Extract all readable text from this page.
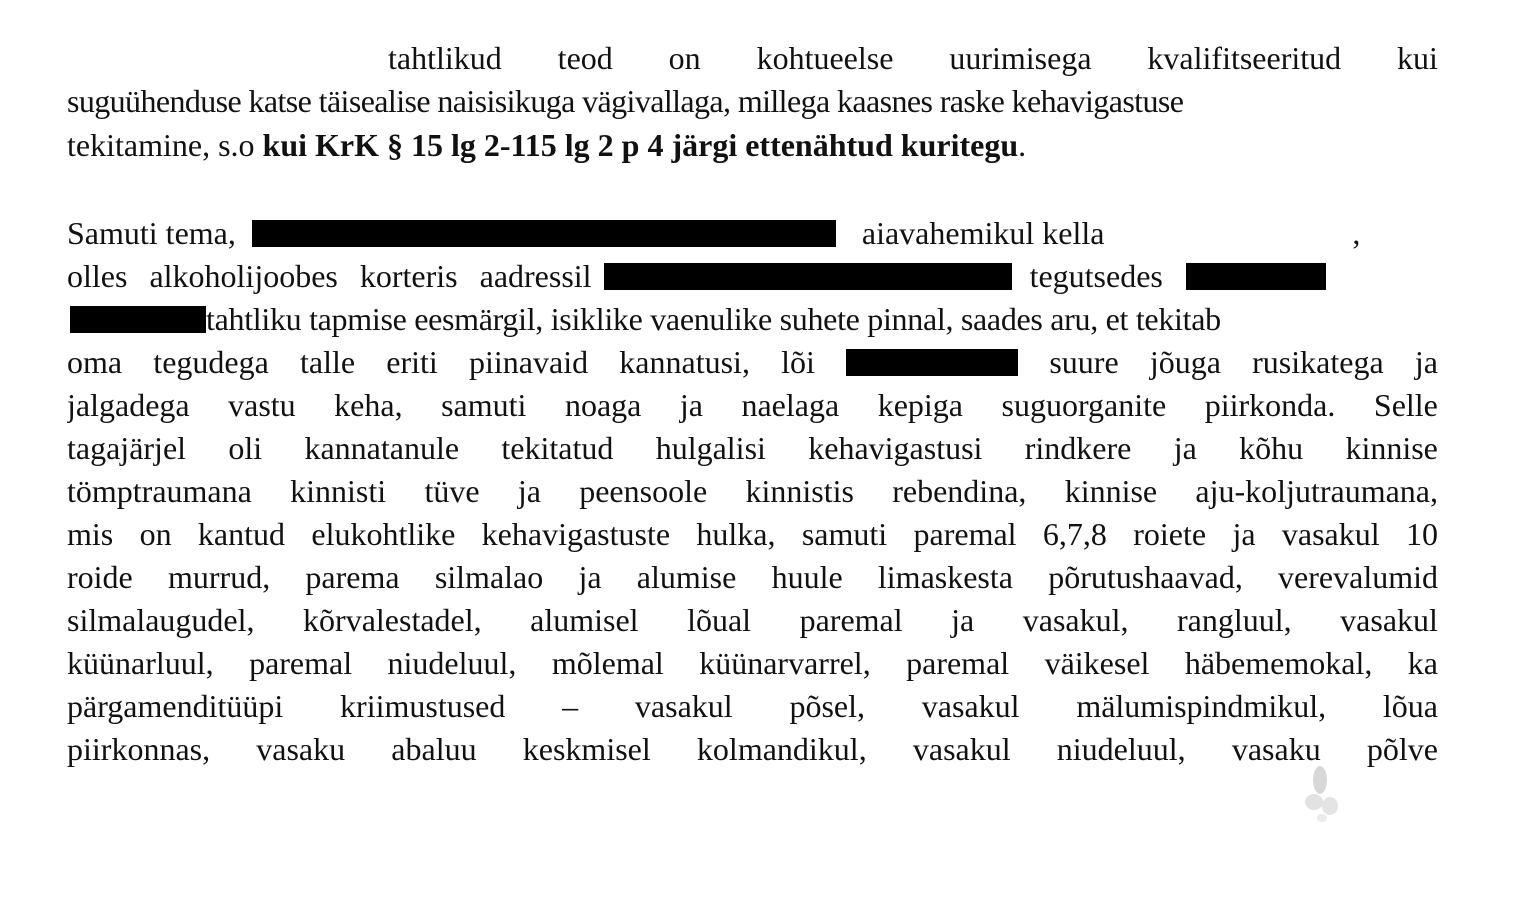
tahtlikud teod on kohtueelse uurimisega kvalifitseeritud kui
suguühenduse katse täisealise naisisikuga vägivallaga, millega kaasnes raske kehavigastuse
tekitamine, s.o kui KrK § 15 lg 2-115 lg 2 p 4 järgi ettenähtud kuritegu .
Samuti tema,	aiavahemikul kella	,
olles alkoholijoobes korteris aadressil	tegutsedes
tahtliku tapmise eesmärgil, isiklike vaenulike suhete pinnal, saades aru, et tekitab
oma tegudega talle eriti piinavaid kannatusi, lõi	suure jõuga rusikatega ja
jalgadega vastu keha, samuti noaga ja naelaga kepiga suguorganite piirkonda. Selle
tagajärjel oli kannatanule tekitatud hulgalisi kehavigastusi rindkere ja kõhu kinnise
tömptraumana kinnisti tüve ja peensoole kinnistis rebendina, kinnise aju-koljutraumana,
mis on kantud elukohtlike kehavigastuste hulka, samuti paremal 6,7,8 roiete ja vasakul 10
roide murrud, parema silmalao ja alumise huule limaskesta põrutushaavad, verevalumid
silmalaugudel, kõrvalestadel, alumisel lõual paremal ja vasakul, rangluul, vasakul
küünarluul, paremal niudeluul, mõlemal küünarvarrel, paremal väikesel häbememokal, ka
pärgamenditüüpi kriimustused – vasakul põsel, vasakul mälumispindmikul, lõua
piirkonnas, vasaku abaluu keskmisel kolmandikul, vasakul niudeluul, vasaku põlve
